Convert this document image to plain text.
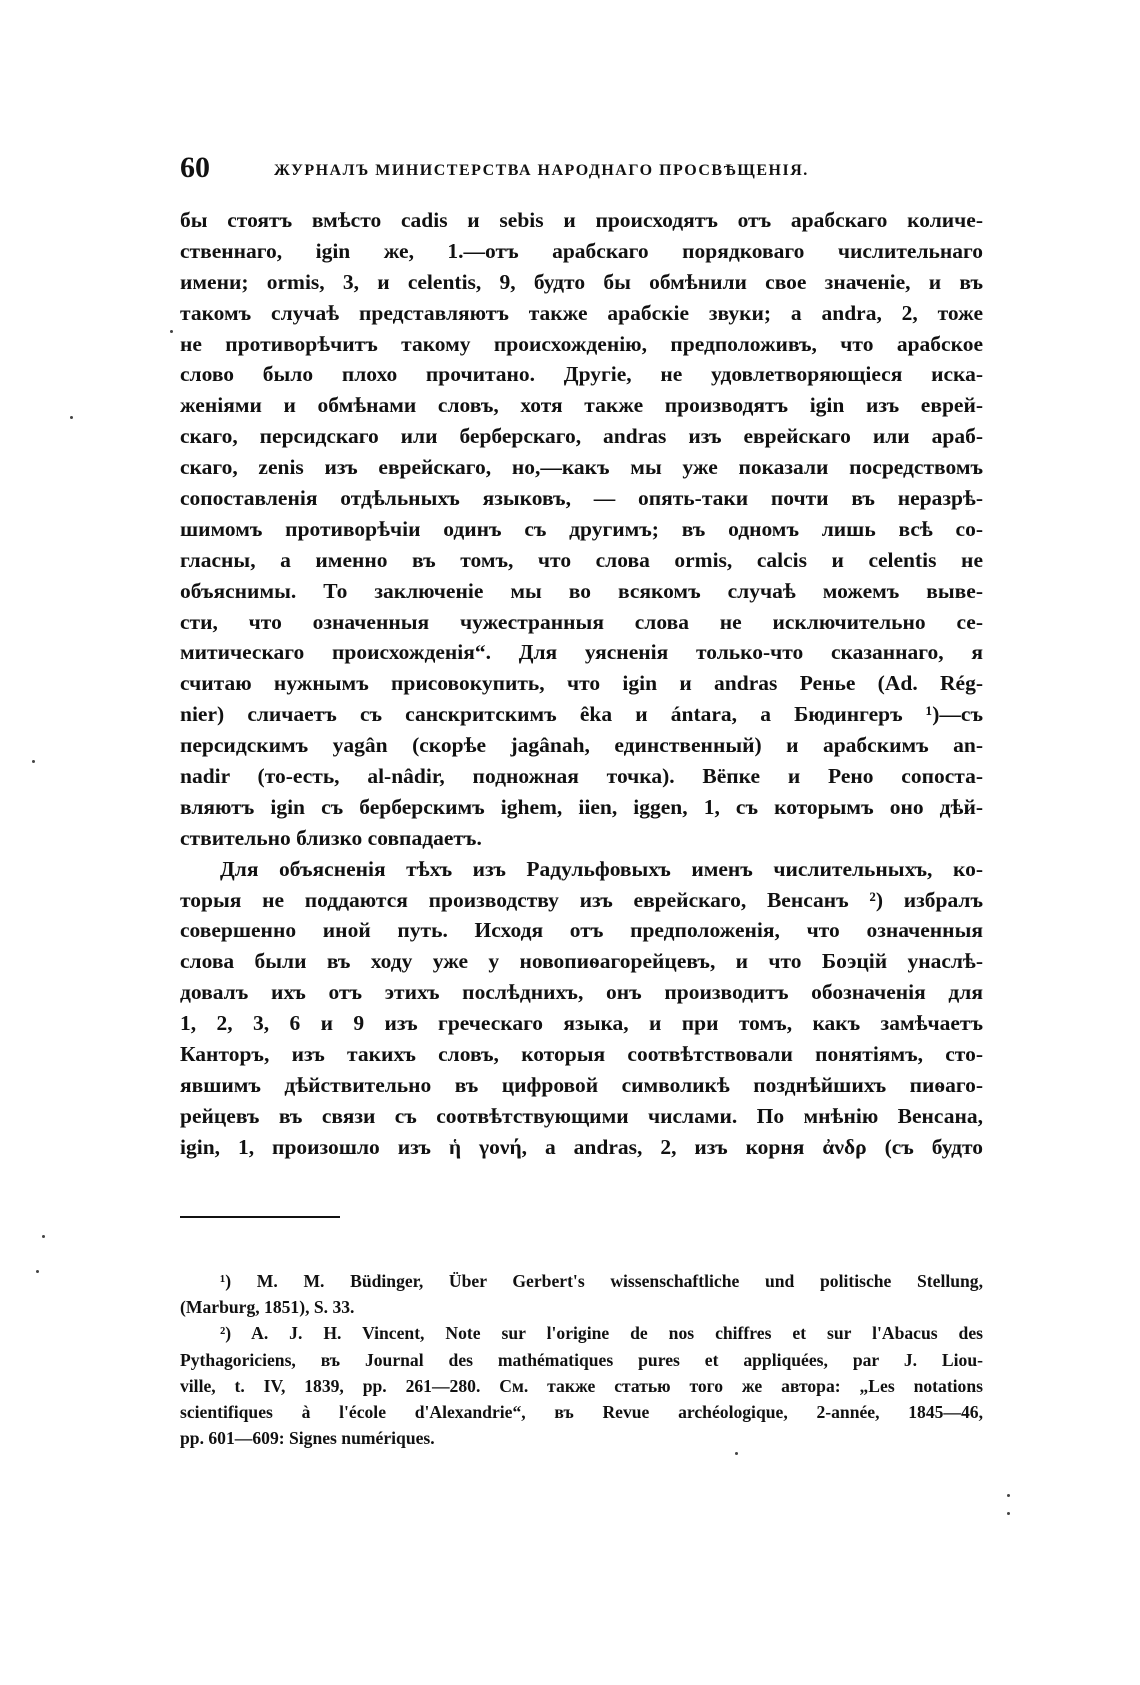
60	ЖУРНАЛЪ МИНИСТЕРСТВА НАРОДНАГО ПРОСВѢЩЕНІЯ.
бы стоятъ вмѣсто cadis и sebis и происходятъ отъ арабскаго количе-
ственнаго, igin же, 1.—отъ арабскаго порядковаго числительнаго
имени; ormis, 3, и celentis, 9, будто бы обмѣнили свое значеніе, и въ
такомъ случаѣ представляютъ также арабскіе звуки; а andra, 2, тоже
не противорѣчитъ такому происхожденію, предположивъ, что арабское
слово было плохо прочитано. Другіе, не удовлетворяющіеся иска-
женіями и обмѣнами словъ, хотя также производятъ igin изъ еврей-
скаго, персидскаго или берберскаго, andras изъ еврейскаго или араб-
скаго, zenis изъ еврейскаго, но,—какъ мы уже показали посредствомъ
сопоставленія отдѣльныхъ языковъ, — опять-таки почти въ неразрѣ-
шимомъ противорѣчіи одинъ съ другимъ; въ одномъ лишь всѣ со-
гласны, а именно въ томъ, что слова ormis, calcis и celentis не
объяснимы. То заключеніе мы во всякомъ случаѣ можемъ выве-
сти, что означенныя чужестранныя слова не исключительно се-
митическаго происхожденія“. Для уясненія только-что сказаннаго, я
считаю нужнымъ присовокупить, что igin и andras Ренье (Ad. Rég-
nier) сличаетъ съ санскритскимъ êka и ántara, а Бюдингеръ ¹)—съ
персидскимъ yagân (скорѣе jagânah, единственный) и арабскимъ an-
nadir (то-есть, al-nâdir, подножная точка). Вёпке и Рено сопоста-
вляютъ igin съ берберскимъ ighem, iien, iggen, 1, съ которымъ оно дѣй-
ствительно близко совпадаетъ.
Для объясненія тѣхъ изъ Радульфовыхъ именъ числительныхъ, ко-
торыя не поддаются производству изъ еврейскаго, Венсанъ ²) избралъ
совершенно иной путь. Исходя отъ предположенія, что означенныя
слова были въ ходу уже у новопиѳагорейцевъ, и что Боэцій унаслѣ-
довалъ ихъ отъ этихъ послѣднихъ, онъ производитъ обозначенія для
1, 2, 3, 6 и 9 изъ греческаго языка, и при томъ, какъ замѣчаетъ
Канторъ, изъ такихъ словъ, которыя соотвѣтствовали понятіямъ, сто-
явшимъ дѣйствительно въ цифровой символикѣ позднѣйшихъ пиѳаго-
рейцевъ въ связи съ соотвѣтствующими числами. По мнѣнію Венсана,
igin, 1, произошло изъ ἡ γονή, а andras, 2, изъ корня ἀνδρ (съ будто
¹) M. M. Büdinger, Über Gerbert's wissenschaftliche und politische Stellung,
(Marburg, 1851), S. 33.
²) A. J. H. Vincent, Note sur l'origine de nos chiffres et sur l'Abacus des
Pythagoriciens, въ Journal des mathématiques pures et appliquées, par J. Liou-
ville, t. IV, 1839, pp. 261—280. См. также статью того же автора: „Les notations
scientifiques à l'école d'Alexandrie“, въ Revue archéologique, 2-année, 1845—46,
pp. 601—609: Signes numériques.
